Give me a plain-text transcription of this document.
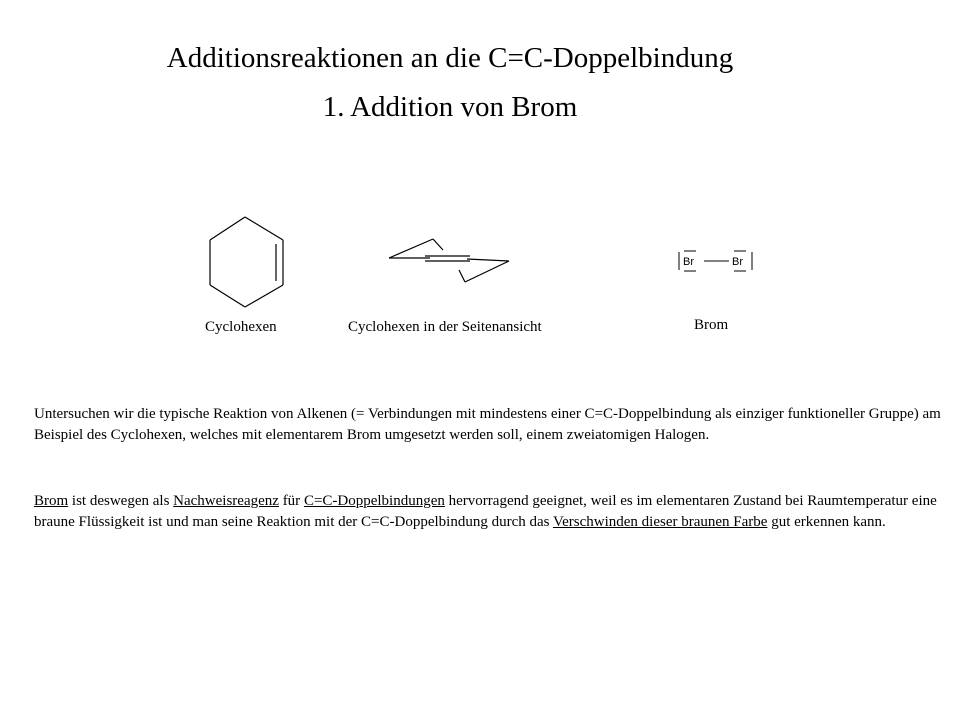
Additionsreaktionen an die C=C-Doppelbindung
1. Addition von Brom
Cyclohexen	Cyclohexen in der Seitenansicht
Br	Br
Brom

Untersuchen wir die typische Reaktion von Alkenen (= Verbindungen mit mindestens einer C=C-Doppelbindung als einziger funktioneller Gruppe) am Beispiel des Cyclohexen, welches mit elementarem Brom umgesetzt werden soll, einem zweiatomigen Halogen.

Brom ist deswegen als Nachweisreagenz für C=C-Doppelbindungen hervorragend geeignet, weil es im elementaren Zustand bei Raumtemperatur eine braune Flüssigkeit ist und man seine Reaktion mit der C=C-Doppelbindung durch das Verschwinden dieser braunen Farbe gut erkennen kann.
